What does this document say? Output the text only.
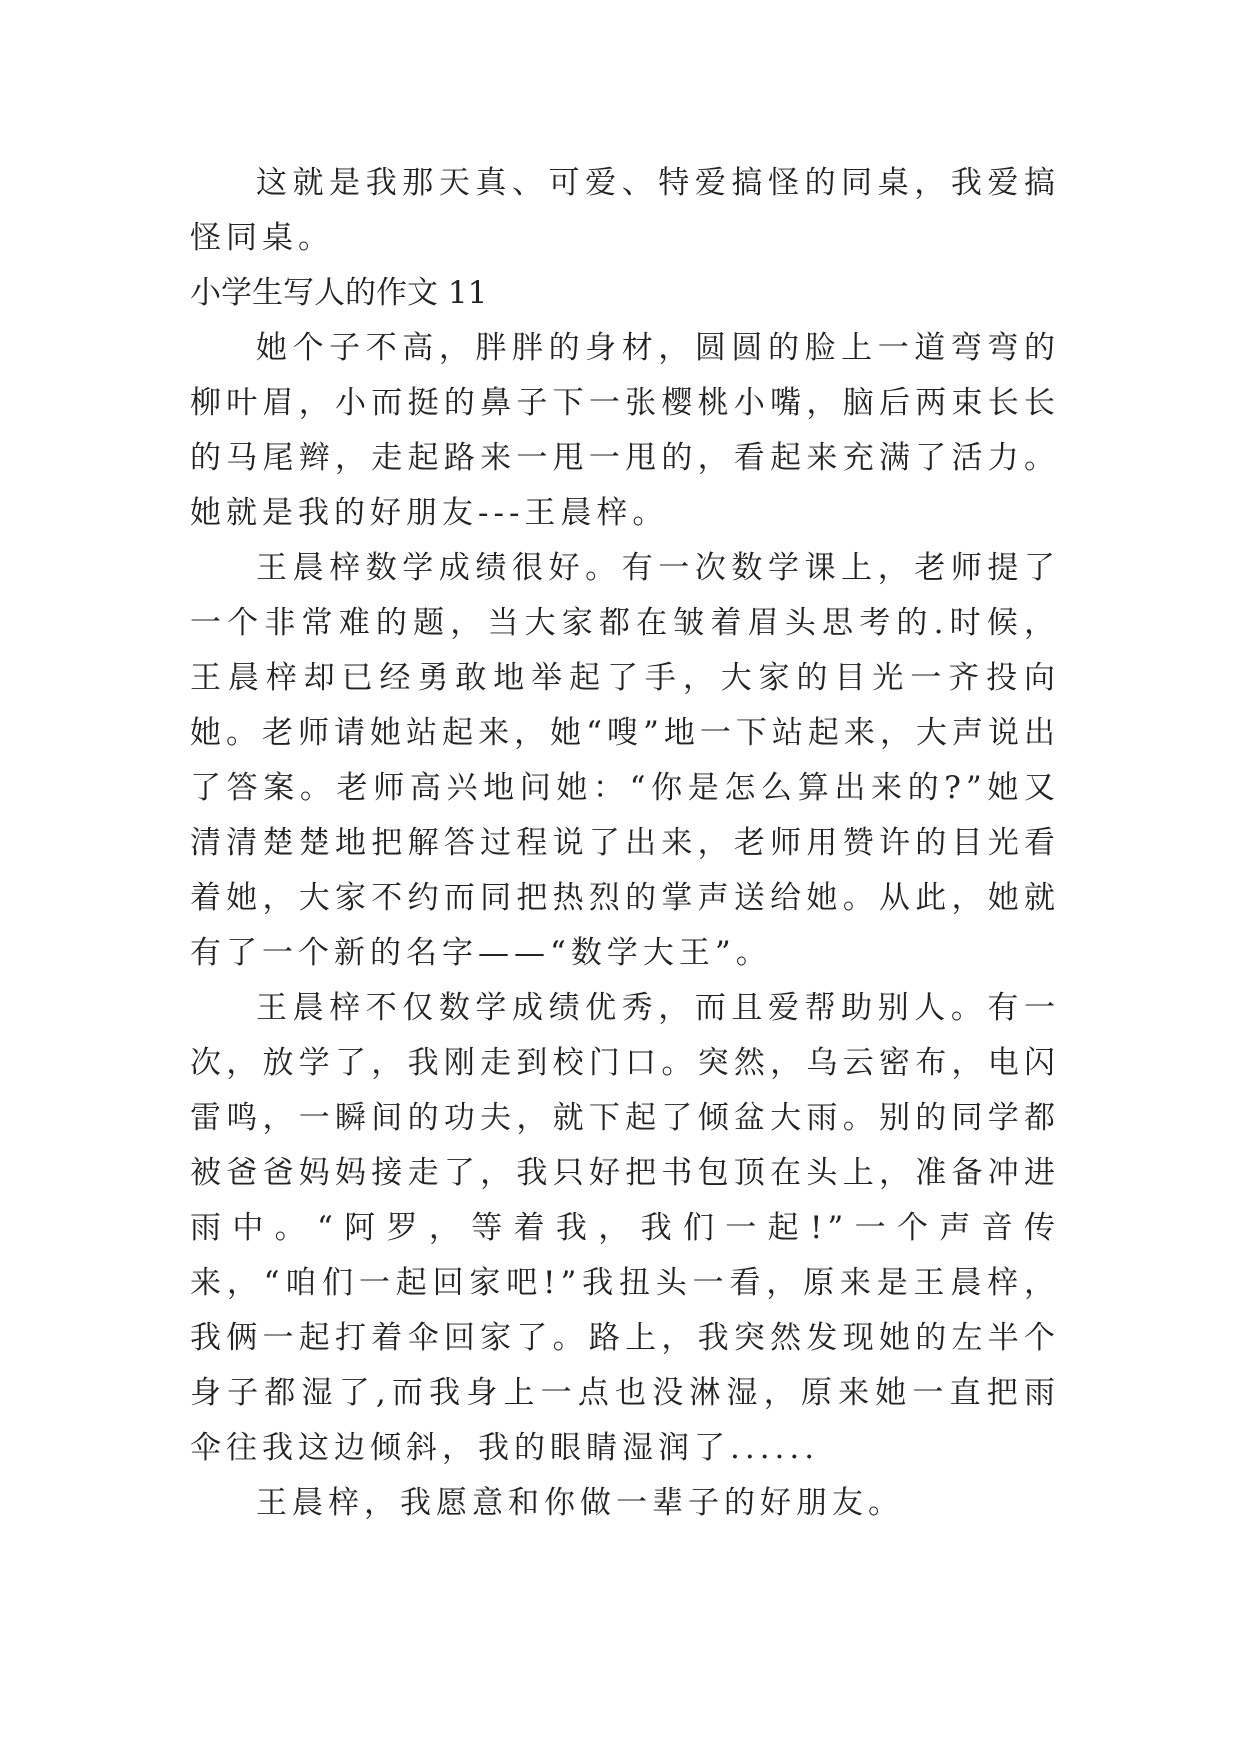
这就是我那天真、可爱、特爱搞怪的同桌，我爱搞怪同桌。

小学生写人的作文 11

她个子不高，胖胖的身材，圆圆的脸上一道弯弯的柳叶眉，小而挺的鼻子下一张樱桃小嘴，脑后两束长长的马尾辫，走起路来一甩一甩的，看起来充满了活力。她就是我的好朋友---王晨梓。

王晨梓数学成绩很好。有一次数学课上，老师提了一个非常难的题，当大家都在皱着眉头思考的.时候，王晨梓却已经勇敢地举起了手，大家的目光一齐投向她。老师请她站起来，她“嗖”地一下站起来，大声说出了答案。老师高兴地问她：“你是怎么算出来的?”她又清清楚楚地把解答过程说了出来，老师用赞许的目光看着她，大家不约而同把热烈的掌声送给她。从此，她就有了一个新的名字——“数学大王”。

王晨梓不仅数学成绩优秀，而且爱帮助别人。有一次，放学了，我刚走到校门口。突然，乌云密布，电闪雷鸣，一瞬间的功夫，就下起了倾盆大雨。别的同学都被爸爸妈妈接走了，我只好把书包顶在头上，准备冲进雨中。“阿罗，等着我，我们一起!”一个声音传来，“咱们一起回家吧!”我扭头一看，原来是王晨梓，我俩一起打着伞回家了。路上，我突然发现她的左半个身子都湿了,而我身上一点也没淋湿，原来她一直把雨伞往我这边倾斜，我的眼睛湿润了......

王晨梓，我愿意和你做一辈子的好朋友。
